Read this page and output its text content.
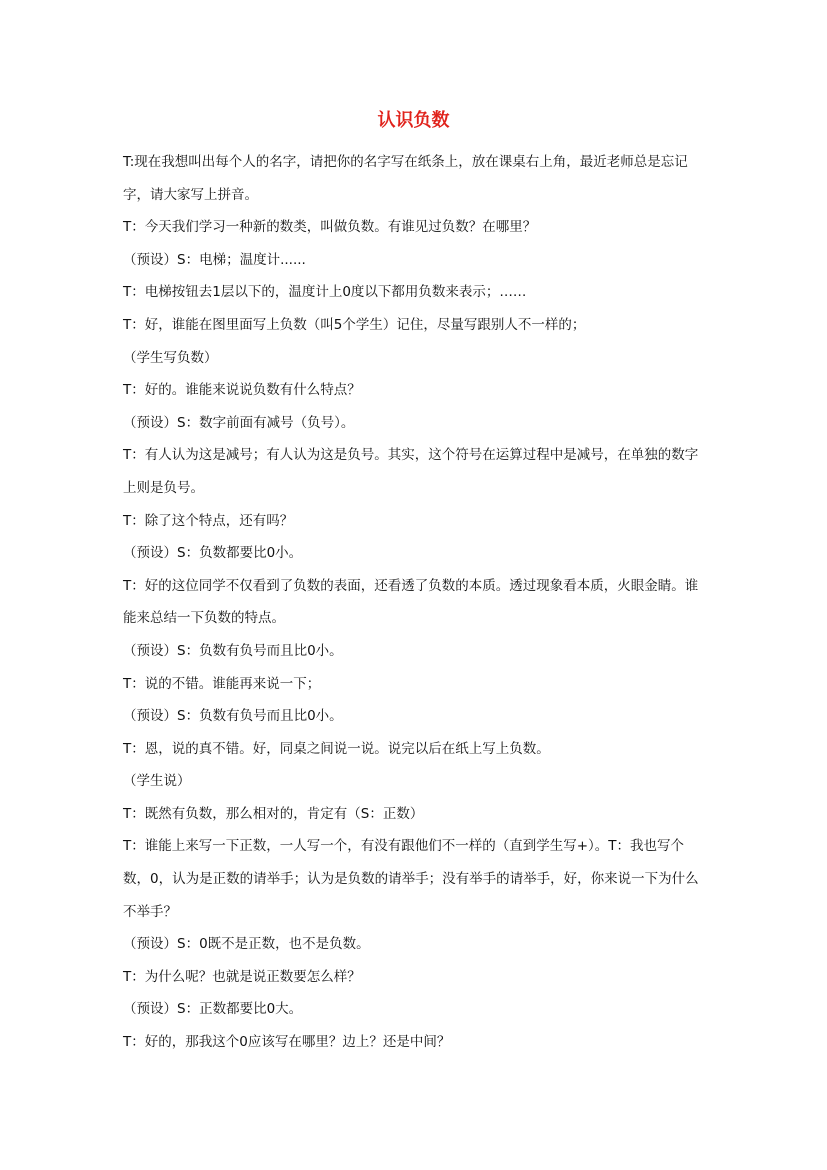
认识负数

T:现在我想叫出每个人的名字，请把你的名字写在纸条上，放在课桌右上角，最近老师总是忘记字，请大家写上拼音。

T：今天我们学习一种新的数类，叫做负数。有谁见过负数？在哪里？

（预设）S：电梯；温度计......

T：电梯按钮去1层以下的，温度计上0度以下都用负数来表示；……

T：好，谁能在图里面写上负数（叫5个学生）记住，尽量写跟别人不一样的；

（学生写负数）

T：好的。谁能来说说负数有什么特点？

（预设）S：数字前面有减号（负号）。

T：有人认为这是减号；有人认为这是负号。其实，这个符号在运算过程中是减号，在单独的数字上则是负号。

T：除了这个特点，还有吗？

（预设）S：负数都要比0小。

T：好的这位同学不仅看到了负数的表面，还看透了负数的本质。透过现象看本质，火眼金睛。谁能来总结一下负数的特点。

（预设）S：负数有负号而且比0小。

T：说的不错。谁能再来说一下；

（预设）S：负数有负号而且比0小。

T：恩，说的真不错。好，同桌之间说一说。说完以后在纸上写上负数。

（学生说）

T：既然有负数，那么相对的，肯定有（S：正数）

T：谁能上来写一下正数，一人写一个，有没有跟他们不一样的（直到学生写+）。T：我也写个数，0，认为是正数的请举手；认为是负数的请举手；没有举手的请举手，好，你来说一下为什么不举手？

（预设）S：0既不是正数，也不是负数。

T：为什么呢？也就是说正数要怎么样？

（预设）S：正数都要比0大。

T：好的，那我这个0应该写在哪里？边上？还是中间？
